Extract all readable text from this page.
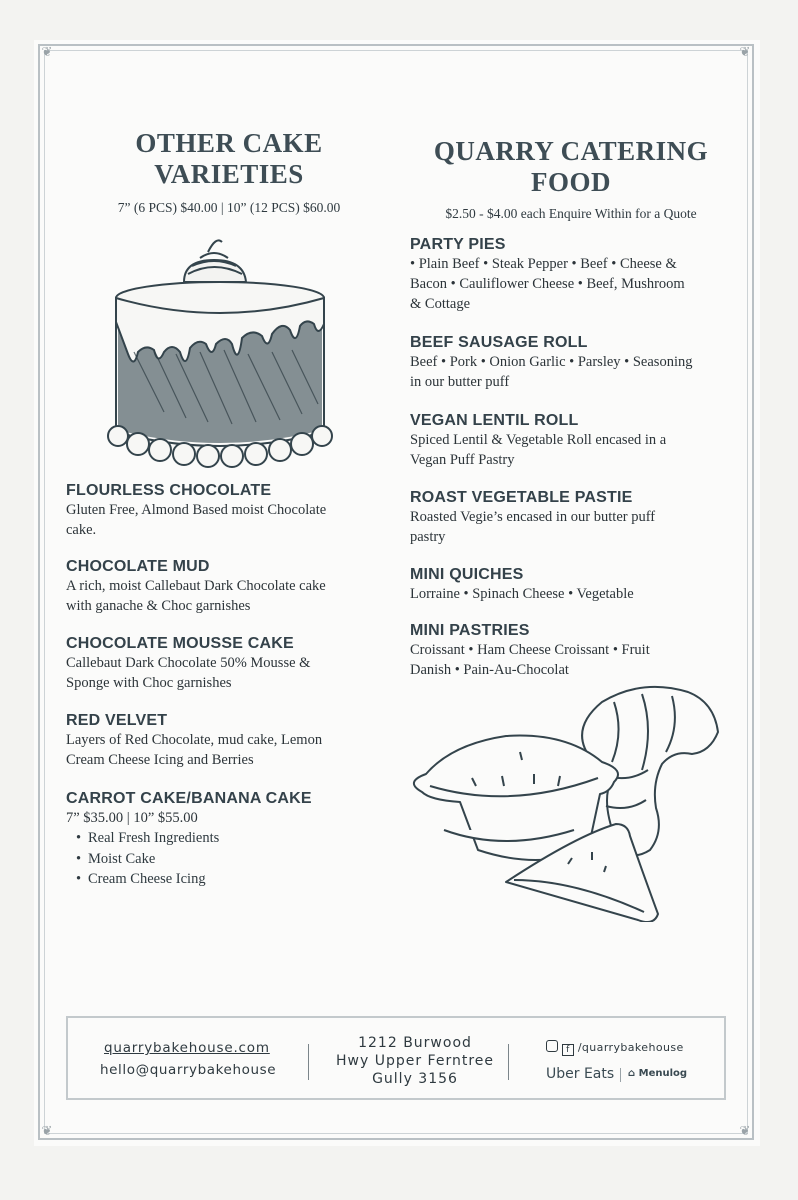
❦	❦
❦	❦
OTHER CAKE
VARIETIES

7” (6 PCS) $40.00 | 10” (12 PCS) $60.00

FLOURLESS CHOCOLATE

Gluten Free, Almond Based moist Chocolate

cake.

CHOCOLATE MUD

A rich, moist Callebaut Dark Chocolate cake

with ganache & Choc garnishes

CHOCOLATE MOUSSE CAKE

Callebaut Dark Chocolate 50% Mousse &

Sponge with Choc garnishes

RED VELVET

Layers of Red Chocolate, mud cake, Lemon

Cream Cheese Icing and Berries

CARROT CAKE/BANANA CAKE

7” $35.00 | 10” $55.00

• Real Fresh Ingredients
• Moist Cake
• Cream Cheese Icing
QUARRY CATERING
FOOD

$2.50 - $4.00 each Enquire Within for a Quote

PARTY PIES

• Plain Beef • Steak Pepper • Beef • Cheese &

Bacon • Cauliflower Cheese • Beef, Mushroom

& Cottage

BEEF SAUSAGE ROLL

Beef • Pork • Onion Garlic • Parsley • Seasoning

in our butter puff

VEGAN LENTIL ROLL

Spiced Lentil & Vegetable Roll encased in a

Vegan Puff Pastry

ROAST VEGETABLE PASTIE

Roasted Vegie’s encased in our butter puff

pastry

MINI QUICHES

Lorraine • Spinach Cheese • Vegetable

MINI PASTRIES

Croissant • Ham Cheese Croissant • Fruit

Danish • Pain-Au-Chocolat

quarrybakehouse.com
hello@quarrybakehouse
1212 Burwood
Hwy Upper Ferntree
Gully 3156
f /quarrybakehouse
Uber Eats ⌂ Menulog
